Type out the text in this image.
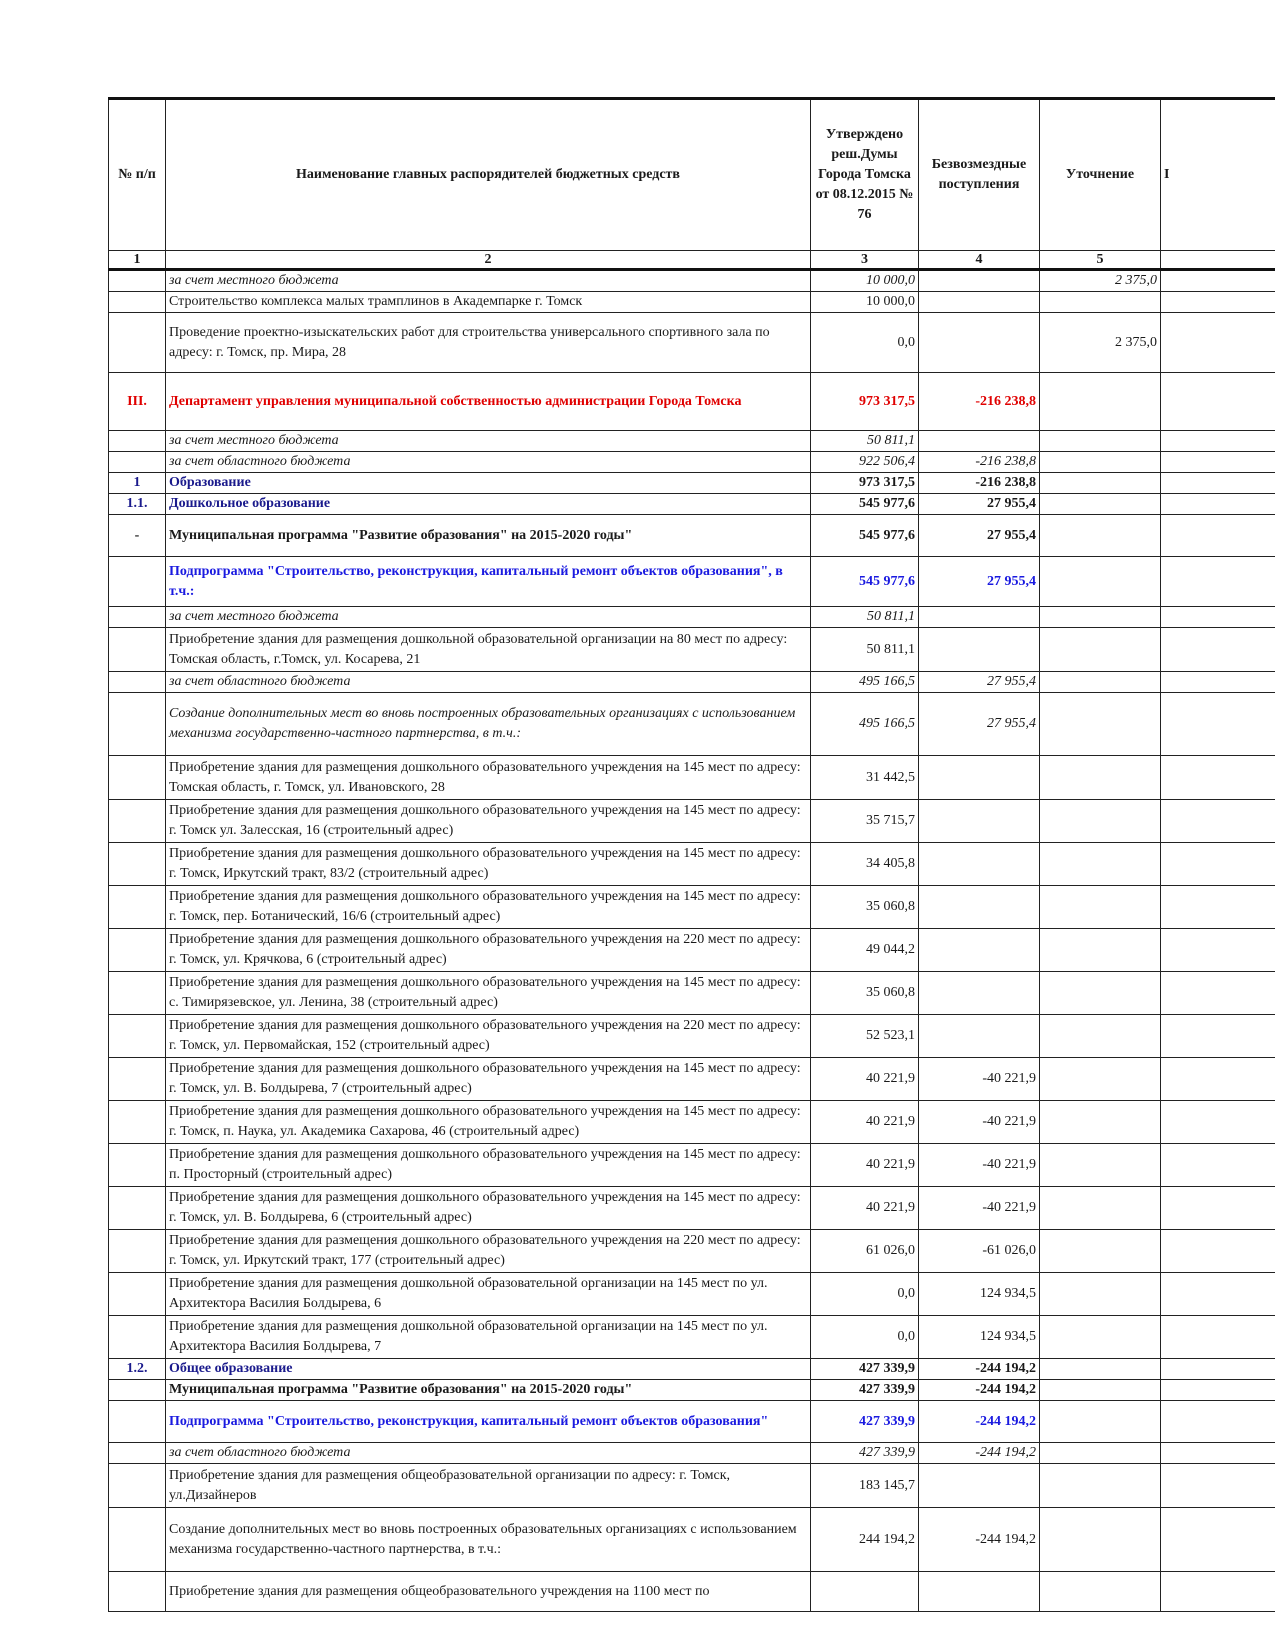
№ п/п	Наименование главных распорядителей бюджетных средств	Утверждено реш.Думы Города Томска от 08.12.2015 № 76	Безвозмездные поступления	Уточнение	I
1	2	3	4	5	
	за счет местного бюджета	10 000,0		2 375,0	
	Строительство комплекса малых трамплинов в Академпарке г. Томск	10 000,0			
	Проведение проектно-изыскательских работ для строительства универсального спортивного зала по адресу: г. Томск, пр. Мира, 28	0,0		2 375,0	
III.	Департамент управления муниципальной собственностью администрации Города Томска	973 317,5	-216 238,8		
	за счет местного бюджета	50 811,1			
	за счет областного бюджета	922 506,4	-216 238,8		
1	Образование	973 317,5	-216 238,8		
1.1.	Дошкольное образование	545 977,6	27 955,4		
-	Муниципальная программа "Развитие образования" на 2015-2020 годы"	545 977,6	27 955,4		
	Подпрограмма "Строительство, реконструкция, капитальный ремонт объектов образования", в т.ч.:	545 977,6	27 955,4		
	за счет местного бюджета	50 811,1			
	Приобретение здания для размещения дошкольной образовательной организации на 80 мест по адресу: Томская область, г.Томск, ул. Косарева, 21	50 811,1			
	за счет областного бюджета	495 166,5	27 955,4		
	Создание дополнительных мест во вновь построенных образовательных организациях с использованием механизма государственно-частного партнерства, в т.ч.:	495 166,5	27 955,4		
	Приобретение здания для размещения дошкольного образовательного учреждения на 145 мест по адресу: Томская область, г. Томск, ул. Ивановского, 28	31 442,5			
	Приобретение здания для размещения дошкольного образовательного учреждения на 145 мест по адресу: г. Томск ул. Залесская, 16 (строительный адрес)	35 715,7			
	Приобретение здания для размещения дошкольного образовательного учреждения на 145 мест по адресу: г. Томск, Иркутский тракт, 83/2 (строительный адрес)	34 405,8			
	Приобретение здания для размещения дошкольного образовательного учреждения на 145 мест по адресу: г. Томск, пер. Ботанический, 16/6 (строительный адрес)	35 060,8			
	Приобретение здания для размещения дошкольного образовательного учреждения на 220 мест по адресу: г. Томск, ул. Крячкова, 6 (строительный адрес)	49 044,2			
	Приобретение здания для размещения дошкольного образовательного учреждения на 145 мест по адресу: с. Тимирязевское, ул. Ленина, 38 (строительный адрес)	35 060,8			
	Приобретение здания для размещения дошкольного образовательного учреждения на 220 мест по адресу: г. Томск, ул. Первомайская, 152 (строительный адрес)	52 523,1			
	Приобретение здания для размещения дошкольного образовательного учреждения на 145 мест по адресу: г. Томск, ул. В. Болдырева, 7 (строительный адрес)	40 221,9	-40 221,9		
	Приобретение здания для размещения дошкольного образовательного учреждения на 145 мест по адресу: г. Томск, п. Наука, ул. Академика Сахарова, 46 (строительный адрес)	40 221,9	-40 221,9		
	Приобретение здания для размещения дошкольного образовательного учреждения на 145 мест по адресу: п. Просторный (строительный адрес)	40 221,9	-40 221,9		
	Приобретение здания для размещения дошкольного образовательного учреждения на 145 мест по адресу: г. Томск, ул. В. Болдырева, 6 (строительный адрес)	40 221,9	-40 221,9		
	Приобретение здания для размещения дошкольного образовательного учреждения на 220 мест по адресу: г. Томск, ул. Иркутский тракт, 177 (строительный адрес)	61 026,0	-61 026,0		
	Приобретение здания для размещения дошкольной образовательной организации на 145 мест по ул. Архитектора Василия Болдырева, 6	0,0	124 934,5		
	Приобретение здания для размещения дошкольной образовательной организации на 145 мест по ул. Архитектора Василия Болдырева, 7	0,0	124 934,5		
1.2.	Общее образование	427 339,9	-244 194,2		
	Муниципальная программа "Развитие образования" на 2015-2020 годы"	427 339,9	-244 194,2		
	Подпрограмма "Строительство, реконструкция, капитальный ремонт объектов образования"	427 339,9	-244 194,2		
	за счет областного бюджета	427 339,9	-244 194,2		
	Приобретение здания для размещения общеобразовательной организации по адресу: г. Томск, ул.Дизайнеров	183 145,7			
	Создание дополнительных мест во вновь построенных образовательных организациях с использованием механизма государственно-частного партнерства, в т.ч.:	244 194,2	-244 194,2		
	Приобретение здания для размещения общеобразовательного учреждения на 1100 мест по				
